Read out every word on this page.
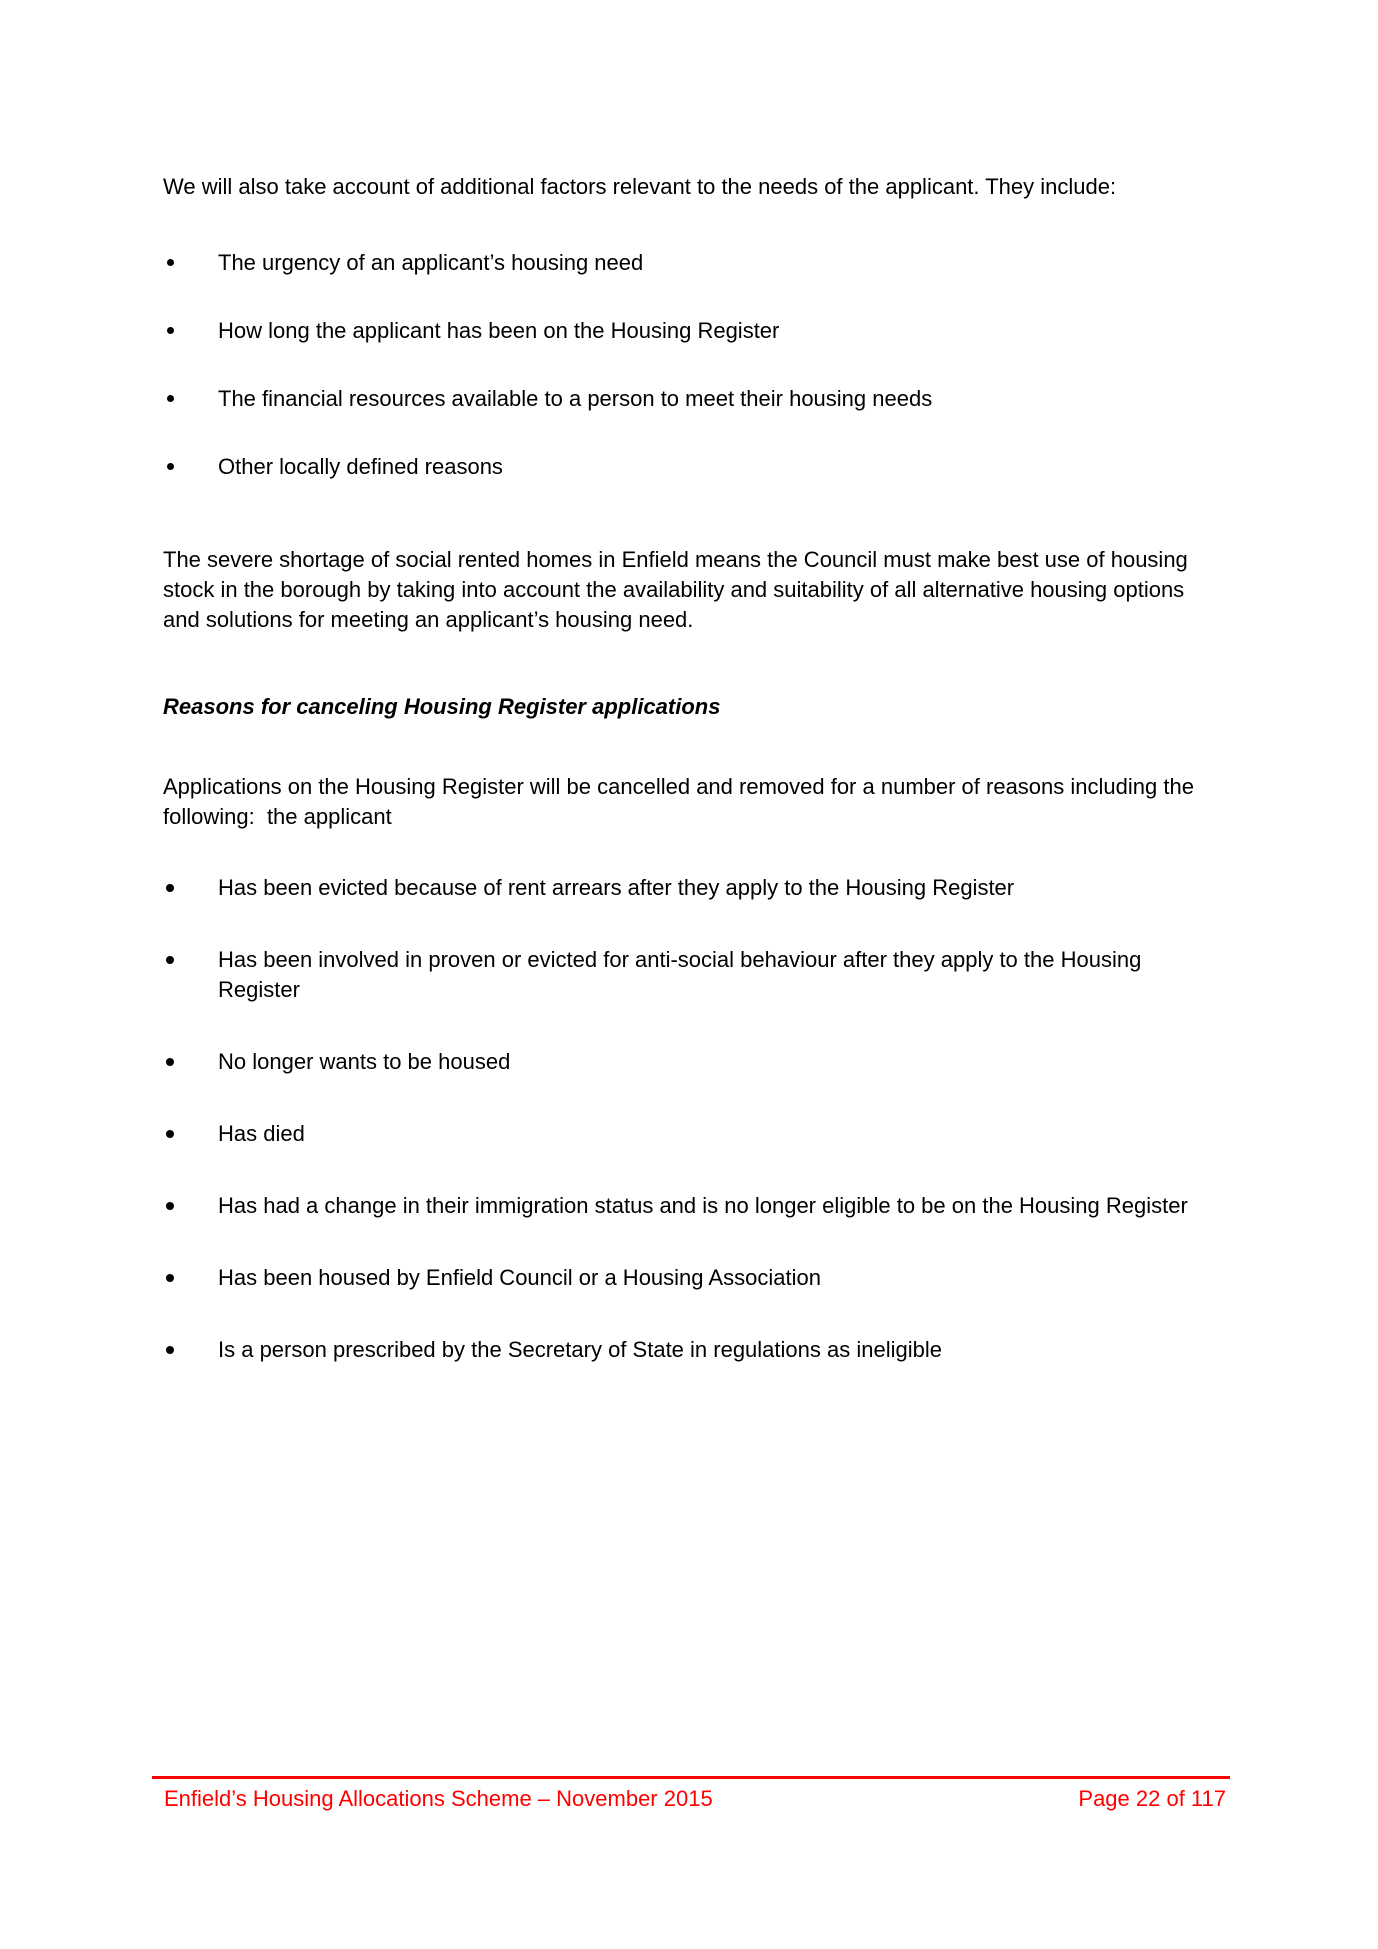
We will also take account of additional factors relevant to the needs of the applicant. They include:

The urgency of an applicant’s housing need
How long the applicant has been on the Housing Register
The financial resources available to a person to meet their housing needs
Other locally defined reasons

The severe shortage of social rented homes in Enfield means the Council must make best use of housing stock in the borough by taking into account the availability and suitability of all alternative housing options and solutions for meeting an applicant’s housing need.

Reasons for canceling Housing Register applications

Applications on the Housing Register will be cancelled and removed for a number of reasons including the following:  the applicant

Has been evicted because of rent arrears after they apply to the Housing Register
Has been involved in proven or evicted for anti-social behaviour after they apply to the Housing Register
No longer wants to be housed
Has died
Has had a change in their immigration status and is no longer eligible to be on the Housing Register
Has been housed by Enfield Council or a Housing Association
Is a person prescribed by the Secretary of State in regulations as ineligible
Enfield’s Housing Allocations Scheme – November 2015	Page 22 of 117
